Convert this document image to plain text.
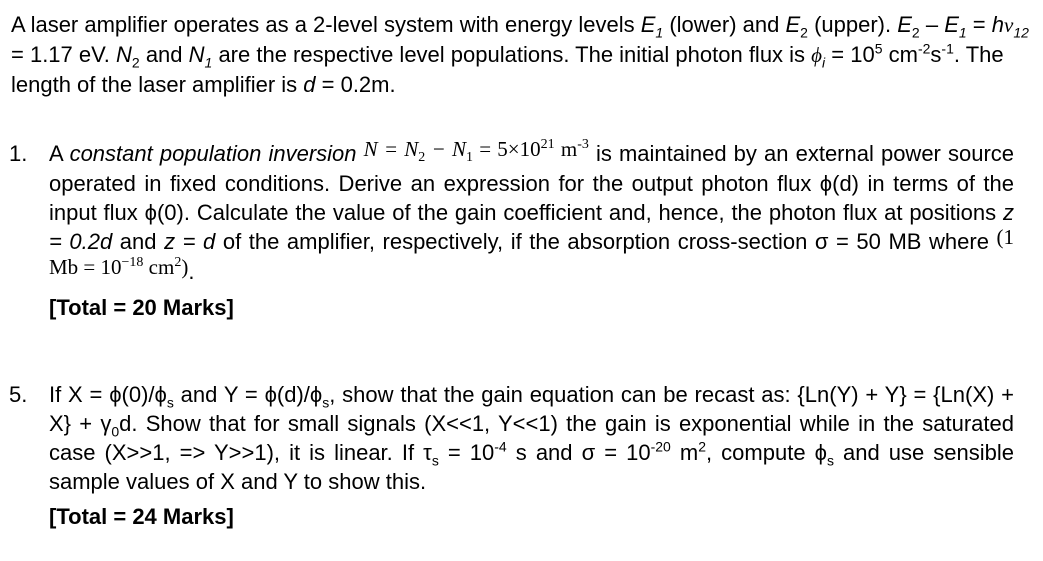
A laser amplifier operates as a 2-level system with energy levels $E_1$ (lower) and $E_2$ (upper). $E_2 - E_1 = h\nu_{12} = 1.17$ eV. $N_2$ and $N_1$ are the respective level populations. The initial photon flux is $\phi_i = 10^5$ $cm^{-2}s^{-1}$. The length of the laser amplifier is d = 0.2m.
1. A constant population inversion $N = N_2 - N_1 = 5\times 10^{21}$ $m^{-3}$ is maintained by an external power source operated in fixed conditions. Derive an expression for the output photon flux ϕ(d) in terms of the input flux ϕ(0). Calculate the value of the gain coefficient and, hence, the photon flux at positions z = 0.2d and z = d of the amplifier, respectively, if the absorption cross-section σ = 50 MB where (1 $Mb = 10^{-18}$ $cm^2$).
[Total = 20 Marks]
5. If $X = \phi(0)/\phi_s$ and $Y = \phi(d)/\phi_s$, show that the gain equation can be recast as: $\{Ln(Y) + Y\} = \{Ln(X) + X\} + \gamma_0d$. Show that for small signals (X<<1, Y<<1) the gain is exponential while in the saturated case (X>>1, => Y>>1), it is linear. If $\tau_s = 10^{-4}$ s and $\sigma = 10^{-20}$ $m^2$, compute $\phi_s$ and use sensible sample values of X and Y to show this.
[Total = 24 Marks]
